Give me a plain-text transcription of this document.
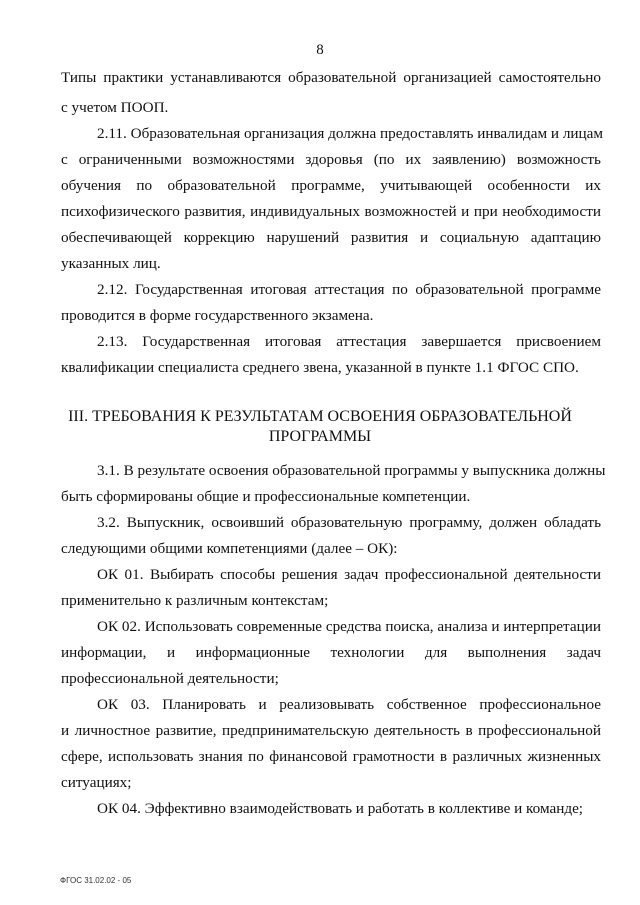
8
Типы практики устанавливаются образовательной организацией самостоятельно
с учетом ПООП.
2.11. Образовательная организация должна предоставлять инвалидам и лицам
с ограниченными возможностями здоровья (по их заявлению) возможность
обучения по образовательной программе, учитывающей особенности их
психофизического развития, индивидуальных возможностей и при необходимости
обеспечивающей коррекцию нарушений развития и социальную адаптацию
указанных лиц.
2.12. Государственная итоговая аттестация по образовательной программе
проводится в форме государственного экзамена.
2.13. Государственная итоговая аттестация завершается присвоением
квалификации специалиста среднего звена, указанной в пункте 1.1 ФГОС СПО.
III. ТРЕБОВАНИЯ К РЕЗУЛЬТАТАМ ОСВОЕНИЯ ОБРАЗОВАТЕЛЬНОЙ
ПРОГРАММЫ
3.1. В результате освоения образовательной программы у выпускника должны
быть сформированы общие и профессиональные компетенции.
3.2. Выпускник, освоивший образовательную программу, должен обладать
следующими общими компетенциями (далее – ОК):
ОК 01. Выбирать способы решения задач профессиональной деятельности
применительно к различным контекстам;
ОК 02. Использовать современные средства поиска, анализа и интерпретации
информации, и информационные технологии для выполнения задач
профессиональной деятельности;
ОК 03. Планировать и реализовывать собственное профессиональное
и личностное развитие, предпринимательскую деятельность в профессиональной
сфере, использовать знания по финансовой грамотности в различных жизненных
ситуациях;
ОК 04. Эффективно взаимодействовать и работать в коллективе и команде;
ФГОС 31.02.02 - 05
